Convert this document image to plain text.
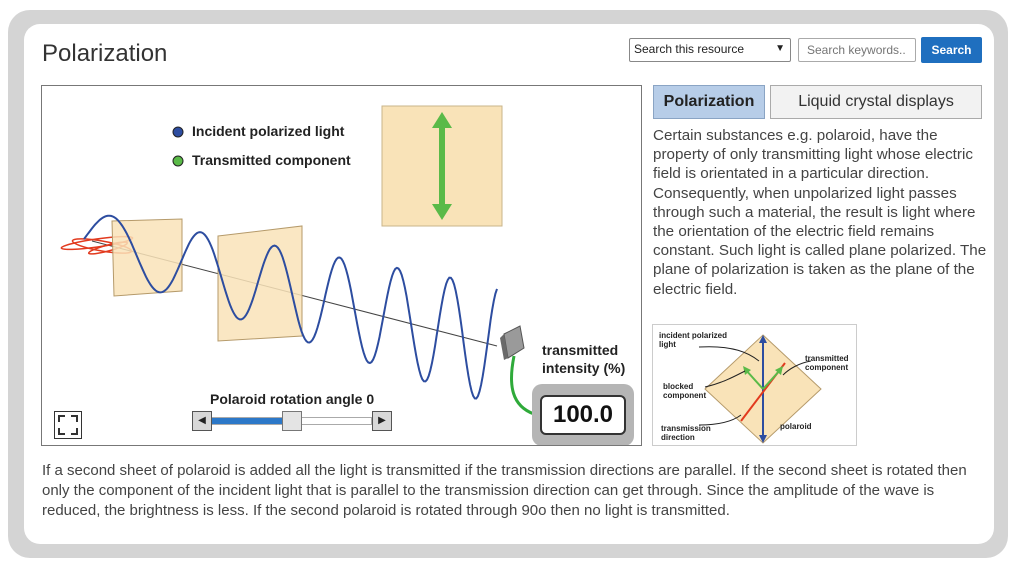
Polarization	Search this resource	▼
Search keywords..	Search
Incident polarized light
Transmitted component
transmitted
intensity (%)
100.0
Polaroid rotation angle 0
◀	▶
Polarization	Liquid crystal displays
Certain substances e.g. polaroid, have the property of only transmitting light whose electric field is orientated in a particular direction. Consequently, when unpolarized light passes through such a material, the result is light where the orientation of the electric field remains constant. Such light is called plane polarized. The plane of polarization is taken as the plane of the electric field.
incident polarized
light
transmitted
component
blocked
component
transmission
direction
polaroid
If a second sheet of polaroid is added all the light is transmitted if the transmission directions are parallel. If the second sheet is rotated then only the component of the incident light that is parallel to the transmission direction can get through. Since the amplitude of the wave is reduced, the brightness is less. If the second polaroid is rotated through 90o then no light is transmitted.
